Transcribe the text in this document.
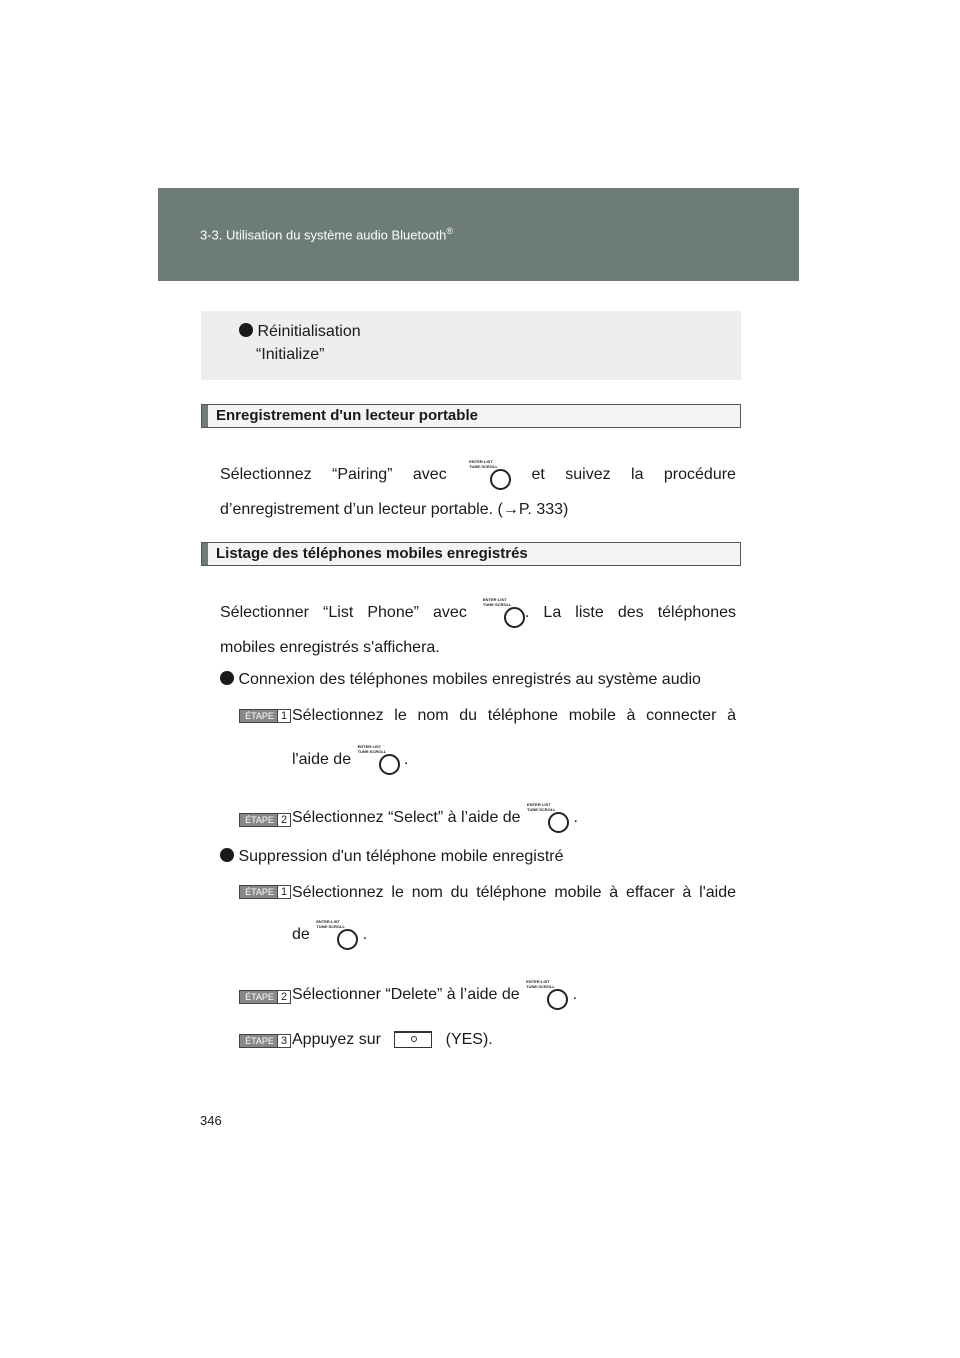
3-3. Utilisation du système audio Bluetooth®
Réinitialisation
“Initialize”
Enregistrement d'un lecteur portable
Sélectionnez “Pairing” avec
ENTER·LIST
TUNE·SCROLL et suivez la procédure
d’enregistrement d’un lecteur portable. (→P. 333)
Listage des téléphones mobiles enregistrés
Sélectionner “List Phone” avec
ENTER·LIST
TUNE·SCROLL
. La liste des téléphones
mobiles enregistrés s'affichera.
Connexion des téléphones mobiles enregistrés au système audio
ÉTAPE 1 Sélectionnez le nom du téléphone mobile à connecter à
l'aide de
ENTER·LIST
TUNE·SCROLL
.
ÉTAPE 2 Sélectionnez “Select” à l’aide de
ENTER·LIST
TUNE·SCROLL
.
Suppression d'un téléphone mobile enregistré
ÉTAPE 1 Sélectionnez le nom du téléphone mobile à effacer à l'aide
de
ENTER·LIST
TUNE·SCROLL
.
ÉTAPE 2 Sélectionner “Delete” à l’aide de
ENTER·LIST
TUNE·SCROLL
.
ÉTAPE 3 Appuyez sur	(YES).
346
